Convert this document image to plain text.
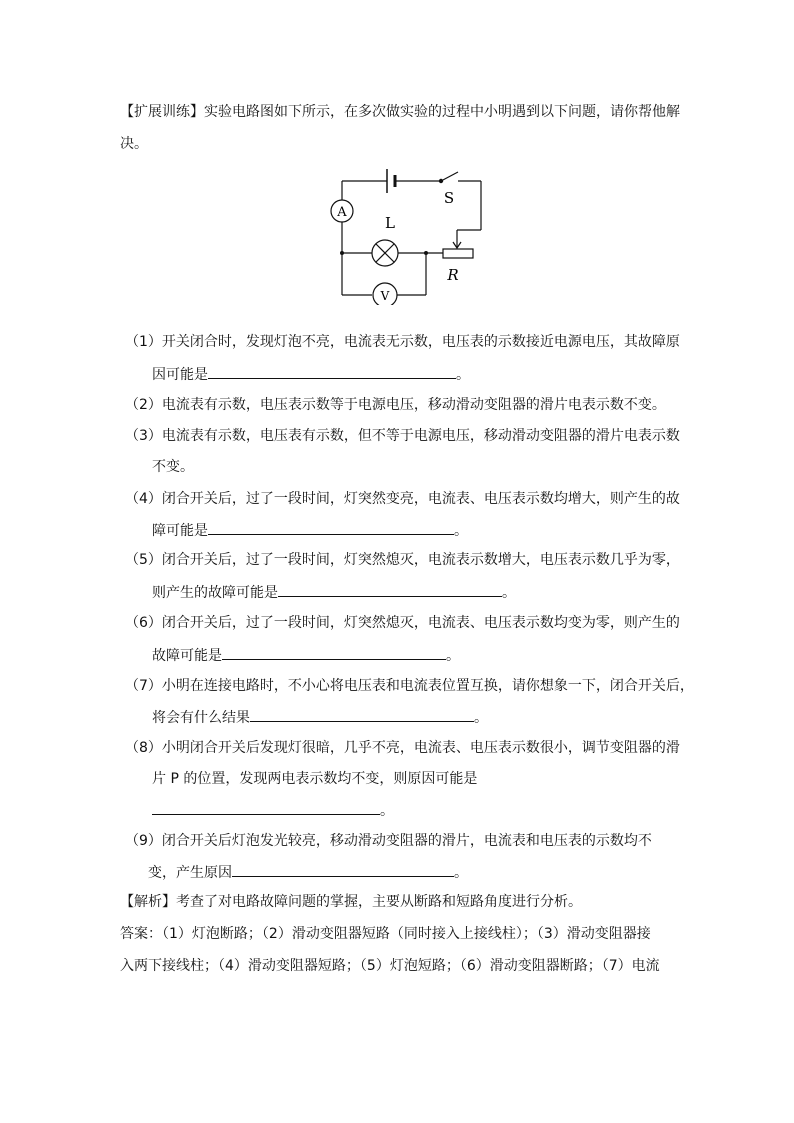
【扩展训练】实验电路图如下所示，在多次做实验的过程中小明遇到以下问题，请你帮他解
决。
A
V
L
S
R
（1）开关闭合时，发现灯泡不亮，电流表无示数，电压表的示数接近电源电压，其故障原
因可能是	。
（2）电流表有示数，电压表示数等于电源电压，移动滑动变阻器的滑片电表示数不变。
（3）电流表有示数，电压表有示数，但不等于电源电压，移动滑动变阻器的滑片电表示数
不变。
（4）闭合开关后，过了一段时间，灯突然变亮，电流表、电压表示数均增大，则产生的故
障可能是	。
（5）闭合开关后，过了一段时间，灯突然熄灭，电流表示数增大，电压表示数几乎为零，
则产生的故障可能是	。
（6）闭合开关后，过了一段时间，灯突然熄灭，电流表、电压表示数均变为零，则产生的
故障可能是	。
（7）小明在连接电路时，不小心将电压表和电流表位置互换，请你想象一下，闭合开关后，
将会有什么结果	。
（8）小明闭合开关后发现灯很暗，几乎不亮，电流表、电压表示数很小，调节变阻器的滑
片 P 的位置，发现两电表示数均不变，则原因可能是
。
（9）闭合开关后灯泡发光较亮，移动滑动变阻器的滑片，电流表和电压表的示数均不
变，产生原因	。
【解析】考查了对电路故障问题的掌握，主要从断路和短路角度进行分析。
答案：（1）灯泡断路；（2）滑动变阻器短路（同时接入上接线柱）；（3）滑动变阻器接
入两下接线柱；（4）滑动变阻器短路；（5）灯泡短路；（6）滑动变阻器断路；（7）电流
